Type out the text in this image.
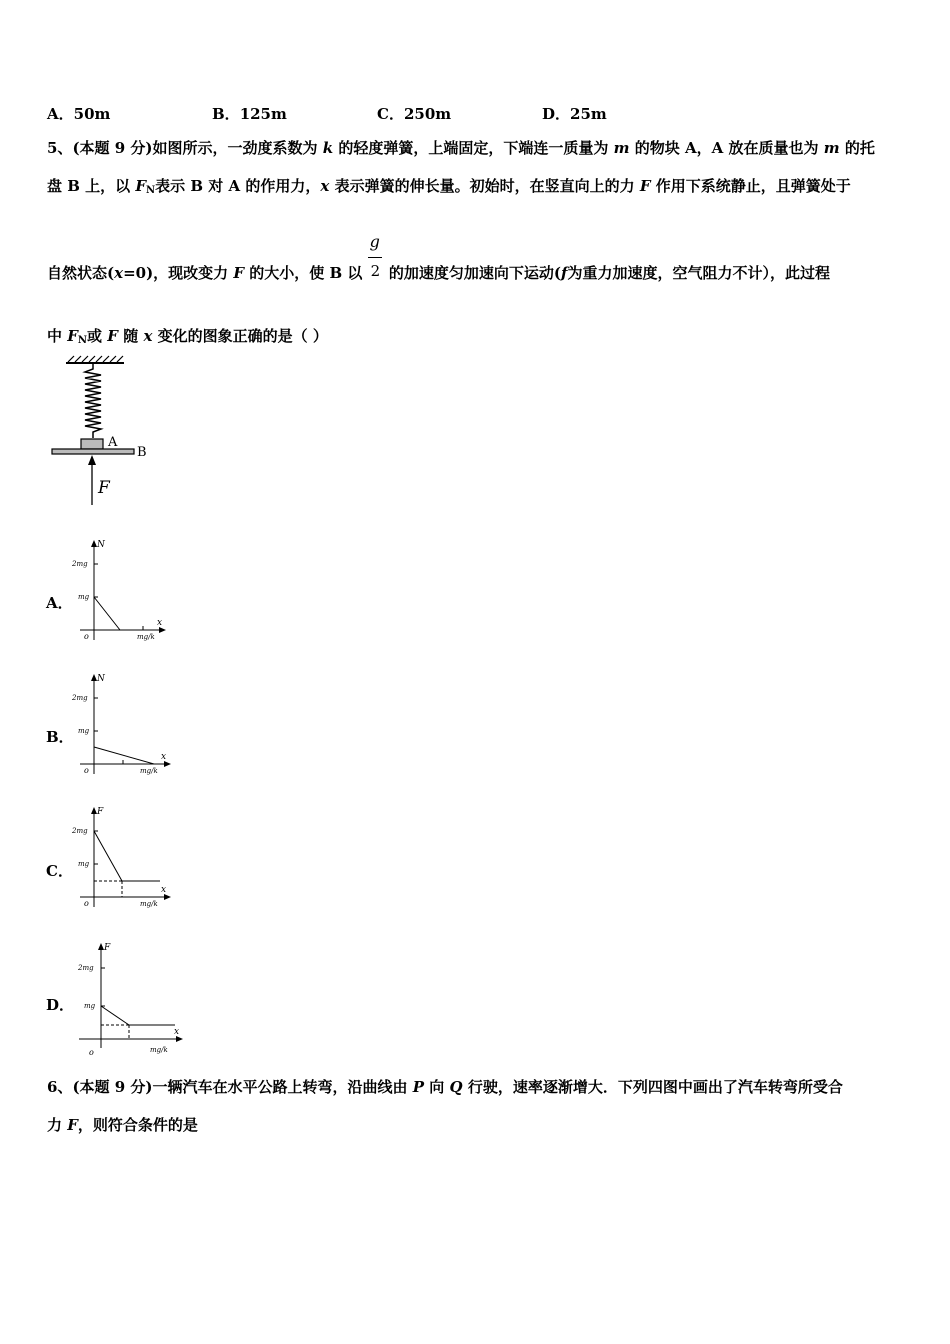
A．50m	B．125m	C．250m	D．25m
5、(本题 9 分)如图所示，一劲度系数为 k 的轻度弹簧，上端固定，下端连一质量为 m 的物块 A，A 放在质量也为 m 的托
盘 B 上，以 $F_N$表示 B 对 A 的作用力，x 表示弹簧的伸长量。初始时，在竖直向上的力 F 作用下系统静止，且弹簧处于
自然状态(x=0)，现改变力 F 的大小，使 B 以
g
2 的加速度匀加速向下运动(f为重力加速度，空气阻力不计），此过程
中 $F_N$或 F 随 x 变化的图象正确的是（ ）
A
B
F
A．
B．
C．
D．
N
2mg
mg
x
o	mg/k
N
2mg
mg
x
o	mg/k
F
2mg
mg
x
o	mg/k
F
2mg
mg
x
o	mg/k
6、(本题 9 分)一辆汽车在水平公路上转弯，沿曲线由 P 向 Q 行驶，速率逐渐增大．下列四图中画出了汽车转弯所受合
力 F，则符合条件的是
